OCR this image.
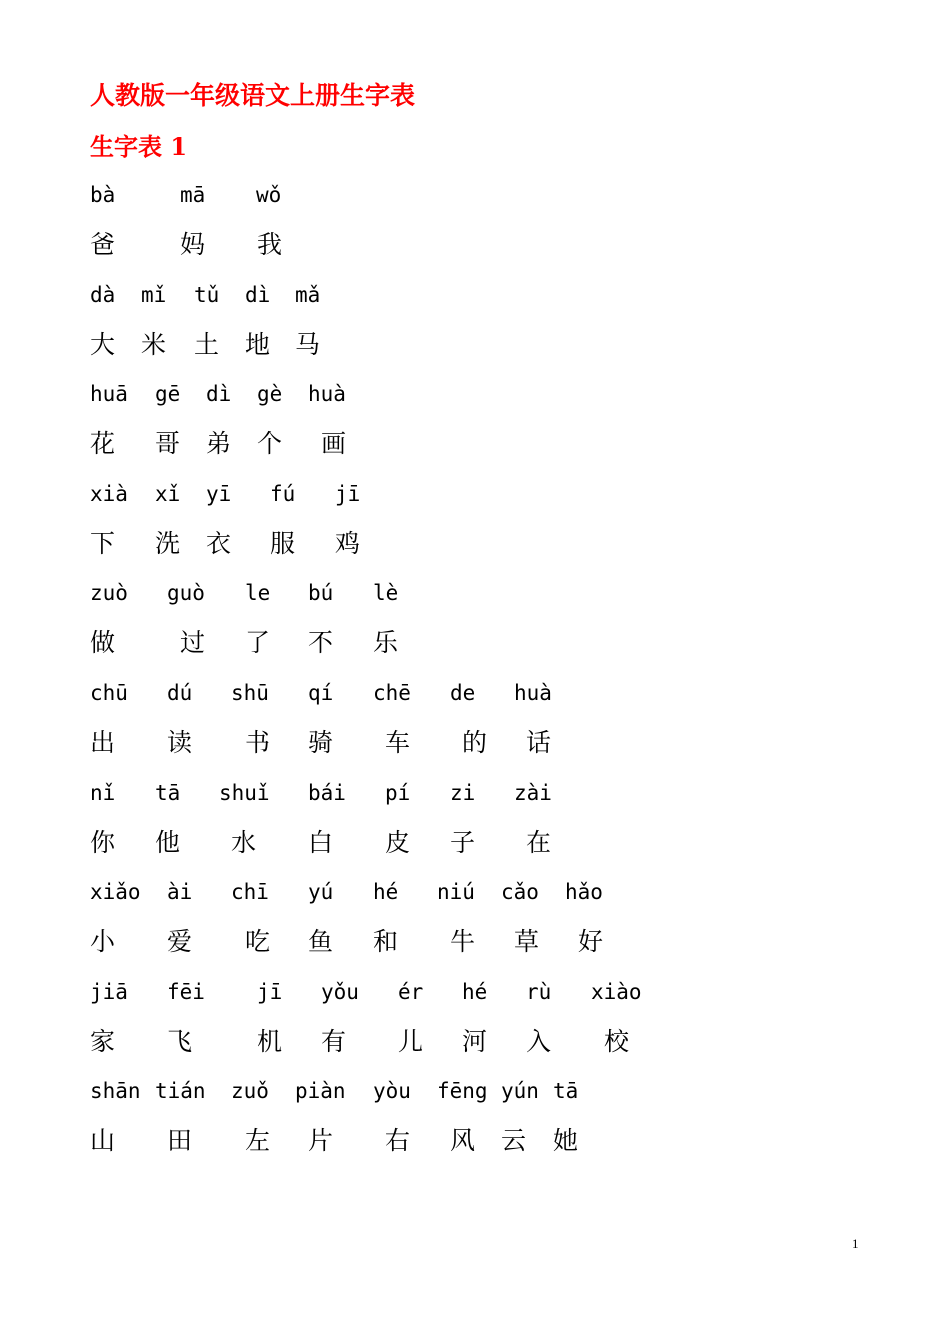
人教版一年级语文上册生字表
生字表 1
bà	mā wǒ
爸	妈 我
dà mǐ tǔ dì mǎ
大 米 土 地 马
huā gē dì gè huà
花 哥 弟 个 画
xià xǐ yī fú jī
下 洗 衣 服 鸡
zuò guò le bú lè
做	过 了 不 乐
chū dú shū qí chē de huà
出 读 书 骑 车 的 话
nǐ tā shuǐ bái pí zi zài
你 他 水 白 皮 子 在
xiǎo ài chī yú hé niú cǎo hǎo
小 爱 吃 鱼 和 牛 草 好
jiā fēi jī yǒu ér hé rù xiào
家 飞	机 有 儿 河 入 校
shān tián zuǒ piàn yòu fēng yún tā
山 田 左 片 右 风 云 她
1
